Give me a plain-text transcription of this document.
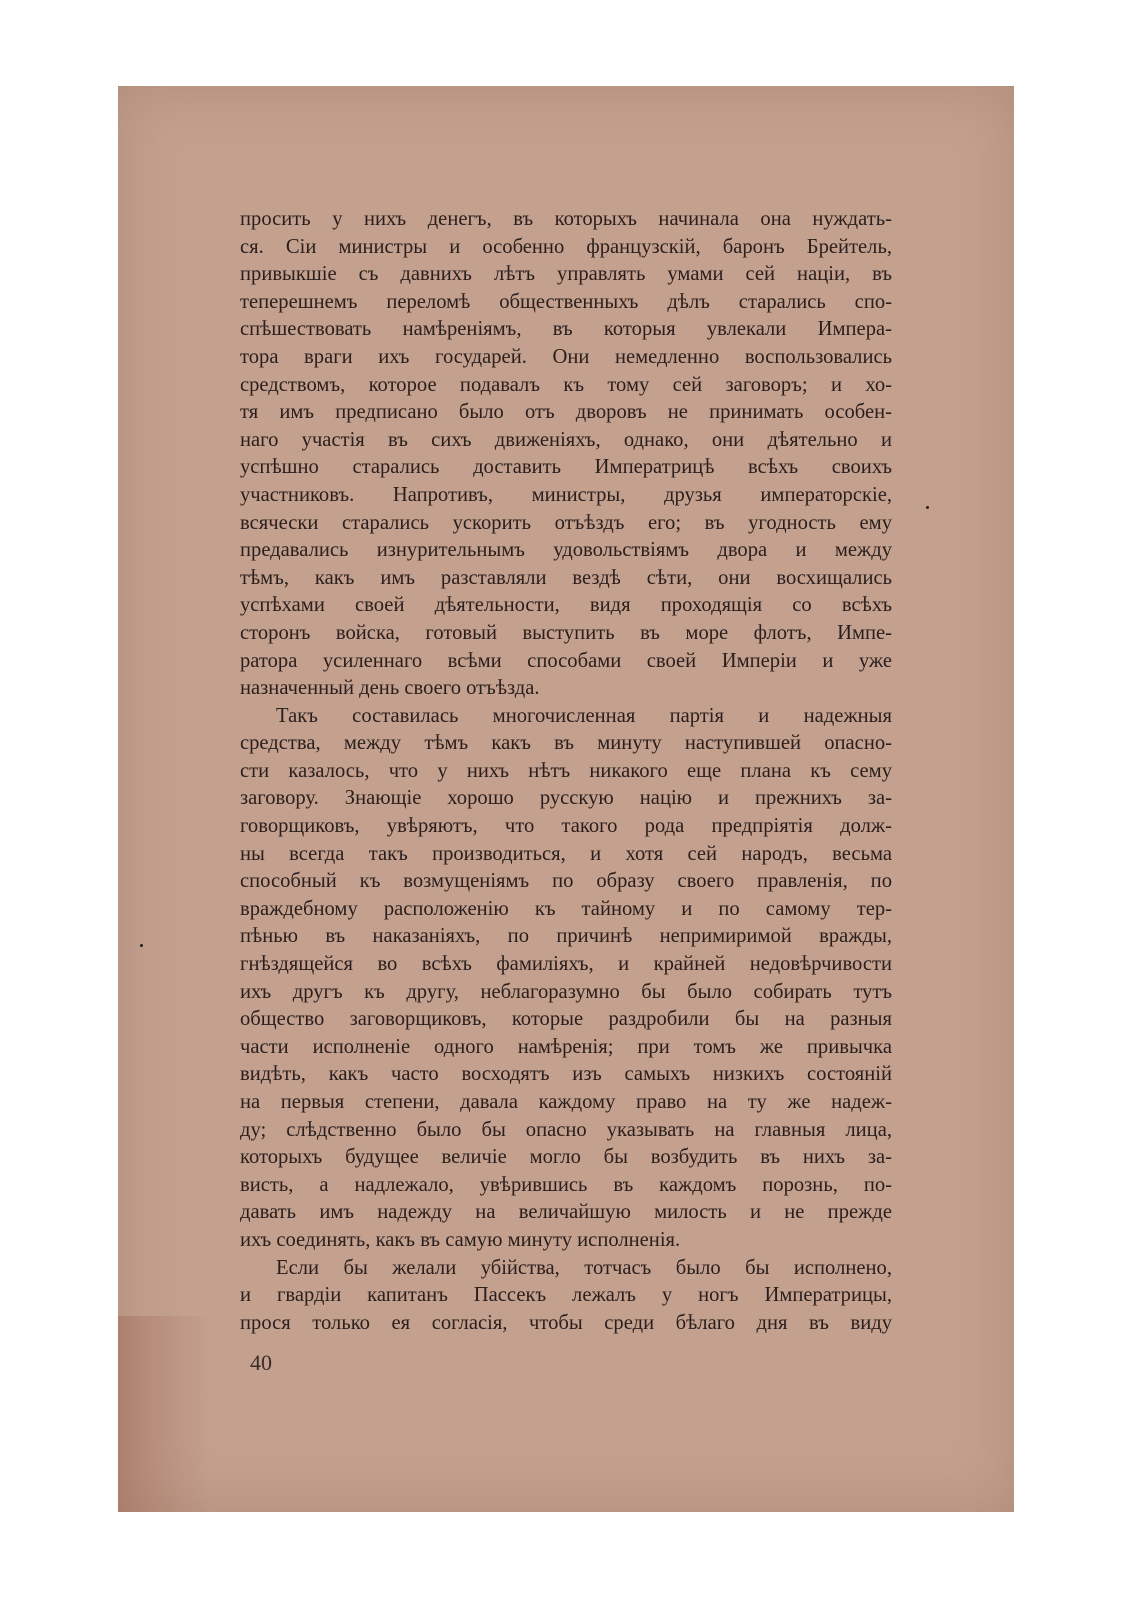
просить у нихъ денегъ, въ которыхъ начинала она нуждать-
ся. Сіи министры и особенно французскій, баронъ Брейтель,
привыкшіе съ давнихъ лѣтъ управлять умами сей націи, въ
теперешнемъ переломѣ общественныхъ дѣлъ старались спо-
спѣшествовать намѣреніямъ, въ которыя увлекали Импера-
тора враги ихъ государей. Они немедленно воспользовались
средствомъ, которое подавалъ къ тому сей заговоръ; и хо-
тя имъ предписано было отъ дворовъ не принимать особен-
наго участія въ сихъ движеніяхъ, однако, они дѣятельно и
успѣшно старались доставить Императрицѣ всѣхъ своихъ
участниковъ. Напротивъ, министры, друзья императорскіе,
всячески старались ускорить отъѣздъ его; въ угодность ему
предавались изнурительнымъ удовольствіямъ двора и между
тѣмъ, какъ имъ разставляли вездѣ сѣти, они восхищались
успѣхами своей дѣятельности, видя проходящія со всѣхъ
сторонъ войска, готовый выступить въ море флотъ, Импе-
ратора усиленнаго всѣми способами своей Имперіи и уже
назначенный день своего отъѣзда.
Такъ составилась многочисленная партія и надежныя
средства, между тѣмъ какъ въ минуту наступившей опасно-
сти казалось, что у нихъ нѣтъ никакого еще плана къ сему
заговору. Знающіе хорошо русскую націю и прежнихъ за-
говорщиковъ, увѣряютъ, что такого рода предпріятія долж-
ны всегда такъ производиться, и хотя сей народъ, весьма
способный къ возмущеніямъ по образу своего правленія, по
враждебному расположенію къ тайному и по самому тер-
пѣнью въ наказаніяхъ, по причинѣ непримиримой вражды,
гнѣздящейся во всѣхъ фамиліяхъ, и крайней недовѣрчивости
ихъ другъ къ другу, неблагоразумно бы было собирать тутъ
общество заговорщиковъ, которые раздробили бы на разныя
части исполненіе одного намѣренія; при томъ же привычка
видѣть, какъ часто восходятъ изъ самыхъ низкихъ состояній
на первыя степени, давала каждому право на ту же надеж-
ду; слѣдственно было бы опасно указывать на главныя лица,
которыхъ будущее величіе могло бы возбудить въ нихъ за-
висть, а надлежало, увѣрившись въ каждомъ порознь, по-
давать имъ надежду на величайшую милость и не прежде
ихъ соединять, какъ въ самую минуту исполненія.
Если бы желали убійства, тотчасъ было бы исполнено,
и гвардіи капитанъ Пассекъ лежалъ у ногъ Императрицы,
прося только ея согласія, чтобы среди бѣлаго дня въ виду
40
